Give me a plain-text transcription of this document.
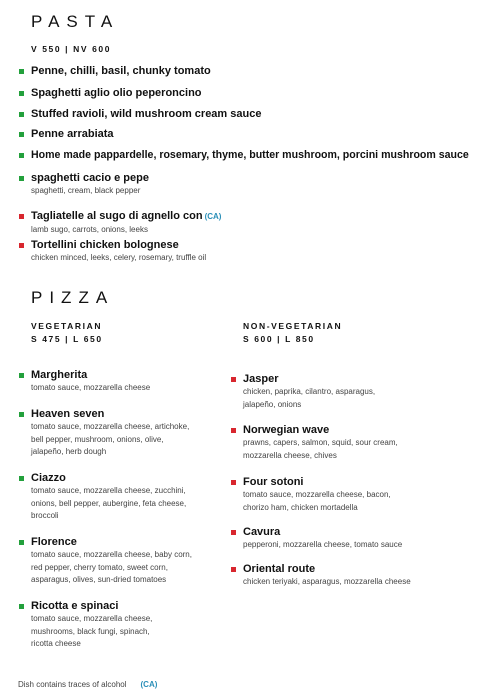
PASTA
V 550 | NV 600
Penne, chilli, basil, chunky tomato
Spaghetti aglio olio peperoncino
Stuffed ravioli, wild mushroom cream sauce
Penne arrabiata
Home made pappardelle, rosemary, thyme, butter mushroom, porcini mushroom sauce
spaghetti cacio e pepe
spaghetti, cream, black pepper
Tagliatelle al sugo di agnello con (CA)
lamb sugo, carrots, onions, leeks
Tortellini chicken bolognese
chicken minced, leeks, celery, rosemary, truffle oil
PIZZA
VEGETARIAN
S 475 | L 650
NON-VEGETARIAN
S 600 | L 850
Margherita
tomato sauce, mozzarella cheese
Heaven seven
tomato sauce, mozzarella cheese, artichoke,
bell pepper, mushroom, onions, olive,
jalapeño, herb dough
Ciazzo
tomato sauce, mozzarella cheese, zucchini,
onions, bell pepper, aubergine, feta cheese,
broccoli
Florence
tomato sauce, mozzarella cheese, baby corn,
red pepper, cherry tomato, sweet corn,
asparagus, olives, sun-dried tomatoes
Ricotta e spinaci
tomato sauce, mozzarella cheese,
mushrooms, black fungi, spinach,
ricotta cheese
Jasper
chicken, paprika, cilantro, asparagus,
jalapeño, onions
Norwegian wave
prawns, capers, salmon, squid, sour cream,
mozzarella cheese, chives
Four sotoni
tomato sauce, mozzarella cheese, bacon,
chorizo ham, chicken mortadella
Cavura
pepperoni, mozzarella cheese, tomato sauce
Oriental route
chicken teriyaki, asparagus, mozzarella cheese
Dish contains traces of alcohol (CA)
